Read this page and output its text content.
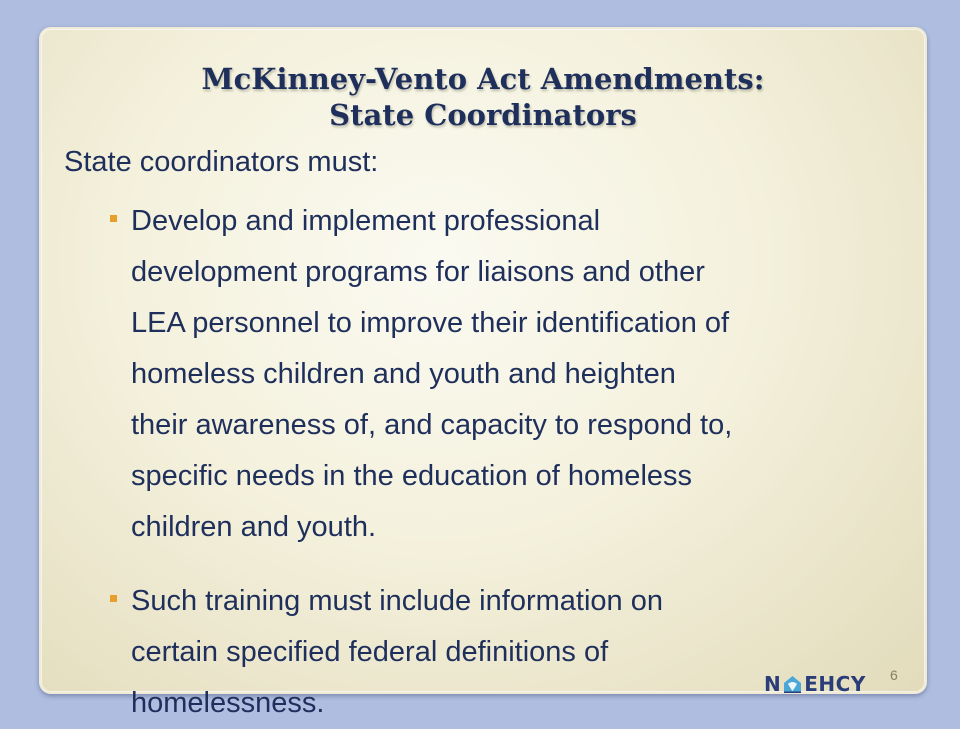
McKinney-Vento Act Amendments:
State Coordinators
State coordinators must:
Develop and implement professional
development programs for liaisons and other
LEA personnel to improve their identification of
homeless children and youth and heighten
their awareness of, and capacity to respond to,
specific needs in the education of homeless
children and youth.
Such training must include information on
certain specified federal definitions of
homelessness.
6
N EHCY
